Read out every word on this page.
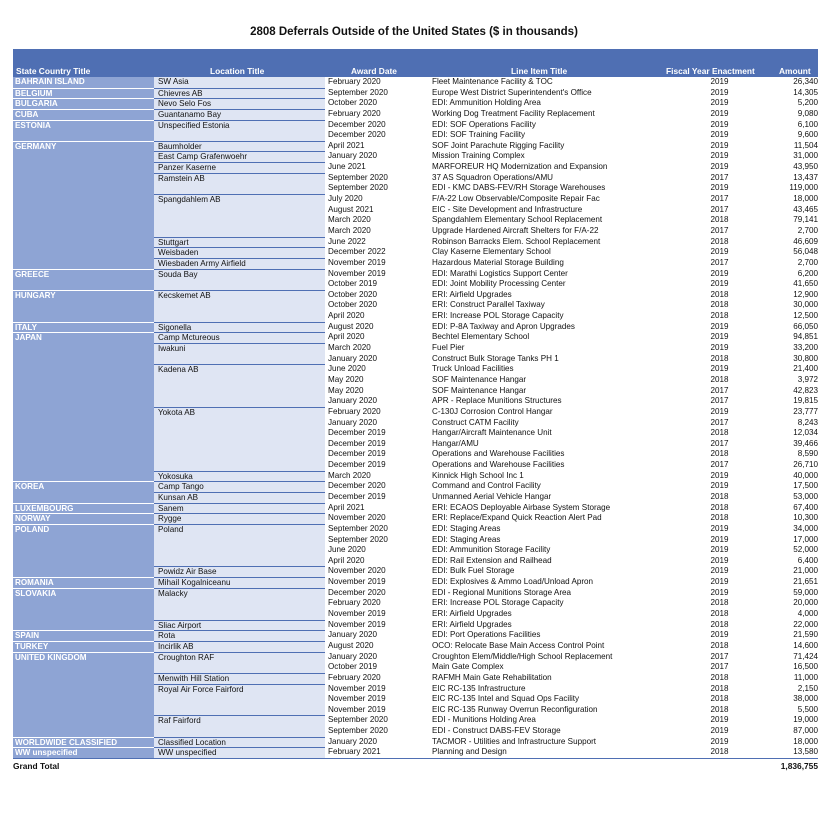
2808 Deferrals Outside of the United States ($ in thousands)
State Country Title	Location Title	Award Date	Line Item Title	Fiscal Year Enactment	Amount
BAHRAIN ISLAND	SW Asia	February 2020	Fleet Maintenance Facility & TOC	2019	26,340
BELGIUM	Chievres AB	September 2020	Europe West District Superintendent's Office	2019	14,305
BULGARIA	Nevo Selo Fos	October 2020	EDI: Ammunition Holding Area	2019	5,200
CUBA	Guantanamo Bay	February 2020	Working Dog Treatment Facility Replacement	2019	9,080
ESTONIA	Unspecified Estonia	December 2020	EDI: SOF Operations Facility	2019	6,100
December 2020	EDI: SOF Training Facility	2019	9,600
GERMANY	Baumholder	April 2021	SOF Joint Parachute Rigging Facility	2019	11,504
East Camp Grafenwoehr	January 2020	Mission Training Complex	2019	31,000
Panzer Kaserne	June 2021	MARFOREUR HQ Modernization and Expansion	2019	43,950
Ramstein AB	September 2020	37 AS Squadron Operations/AMU	2017	13,437
September 2020	EDI - KMC DABS-FEV/RH Storage Warehouses	2019	119,000
Spangdahlem AB	July 2020	F/A-22 Low Observable/Composite Repair Fac	2017	18,000
August 2021	EIC - Site Development and Infrastructure	2017	43,465
March 2020	Spangdahlem Elementary School Replacement	2018	79,141
March 2020	Upgrade Hardened Aircraft Shelters for F/A-22	2017	2,700
Stuttgart	June 2022	Robinson Barracks Elem. School Replacement	2018	46,609
Weisbaden	December 2022	Clay Kaserne Elementary School	2019	56,048
Wiesbaden Army Airfield	November 2019	Hazardous Material Storage Building	2017	2,700
GREECE	Souda Bay	November 2019	EDI: Marathi Logistics Support Center	2019	6,200
October 2019	EDI: Joint Mobility Processing Center	2019	41,650
HUNGARY	Kecskemet AB	October 2020	ERI: Airfield Upgrades	2018	12,900
October 2020	ERI: Construct Parallel Taxiway	2018	30,000
April 2020	ERI: Increase POL Storage Capacity	2018	12,500
ITALY	Sigonella	August 2020	EDI: P-8A Taxiway and Apron Upgrades	2019	66,050
JAPAN	Camp Mctureous	April 2020	Bechtel Elementary School	2019	94,851
Iwakuni	March 2020	Fuel Pier	2019	33,200
January 2020	Construct Bulk Storage Tanks PH 1	2018	30,800
Kadena AB	June 2020	Truck Unload Facilities	2019	21,400
May 2020	SOF Maintenance Hangar	2018	3,972
May 2020	SOF Maintenance Hangar	2017	42,823
January 2020	APR - Replace Munitions Structures	2017	19,815
Yokota AB	February 2020	C-130J Corrosion Control Hangar	2019	23,777
January 2020	Construct CATM Facility	2017	8,243
December 2019	Hangar/Aircraft Maintenance Unit	2018	12,034
December 2019	Hangar/AMU	2017	39,466
December 2019	Operations and Warehouse Facilities	2018	8,590
December 2019	Operations and Warehouse Facilities	2017	26,710
Yokosuka	March 2020	Kinnick High School Inc 1	2019	40,000
KOREA	Camp Tango	December 2020	Command and Control Facility	2019	17,500
Kunsan AB	December 2019	Unmanned Aerial Vehicle Hangar	2018	53,000
LUXEMBOURG	Sanem	April 2021	ERI: ECAOS Deployable Airbase System Storage	2018	67,400
NORWAY	Rygge	November 2020	ERI: Replace/Expand Quick Reaction Alert Pad	2018	10,300
POLAND	Poland	September 2020	EDI: Staging Areas	2019	34,000
September 2020	EDI: Staging Areas	2019	17,000
June 2020	EDI: Ammunition Storage Facility	2019	52,000
April 2020	EDI: Rail Extension and Railhead	2019	6,400
Powidz Air Base	November 2020	EDI: Bulk Fuel Storage	2019	21,000
ROMANIA	Mihail Kogalniceanu	November 2019	EDI: Explosives & Ammo Load/Unload Apron	2019	21,651
SLOVAKIA	Malacky	December 2020	EDI - Regional Munitions Storage Area	2019	59,000
February 2020	ERI: Increase POL Storage Capacity	2018	20,000
November 2019	ERI: Airfield Upgrades	2018	4,000
Sliac Airport	November 2019	ERI: Airfield Upgrades	2018	22,000
SPAIN	Rota	January 2020	EDI: Port Operations Facilities	2019	21,590
TURKEY	Incirlik AB	August 2020	OCO: Relocate Base Main Access Control Point	2018	14,600
UNITED KINGDOM	Croughton RAF	January 2020	Croughton Elem/Middle/High School Replacement	2017	71,424
October 2019	Main Gate Complex	2017	16,500
Menwith Hill Station	February 2020	RAFMH Main Gate Rehabilitation	2018	11,000
Royal Air Force Fairford	November 2019	EIC RC-135 Infrastructure	2018	2,150
November 2019	EIC RC-135 Intel and Squad Ops Facility	2018	38,000
November 2019	EIC RC-135 Runway Overrun Reconfiguration	2018	5,500
Raf Fairford	September 2020	EDI - Munitions Holding Area	2019	19,000
September 2020	EDI - Construct DABS-FEV Storage	2019	87,000
WORLDWIDE CLASSIFIED	Classified Location	January 2020	TACMOR - Utilities and Infrastructure Support	2019	18,000
WW unspecified	WW unspecified	February 2021	Planning and Design	2018	13,580
Grand Total	1,836,755
